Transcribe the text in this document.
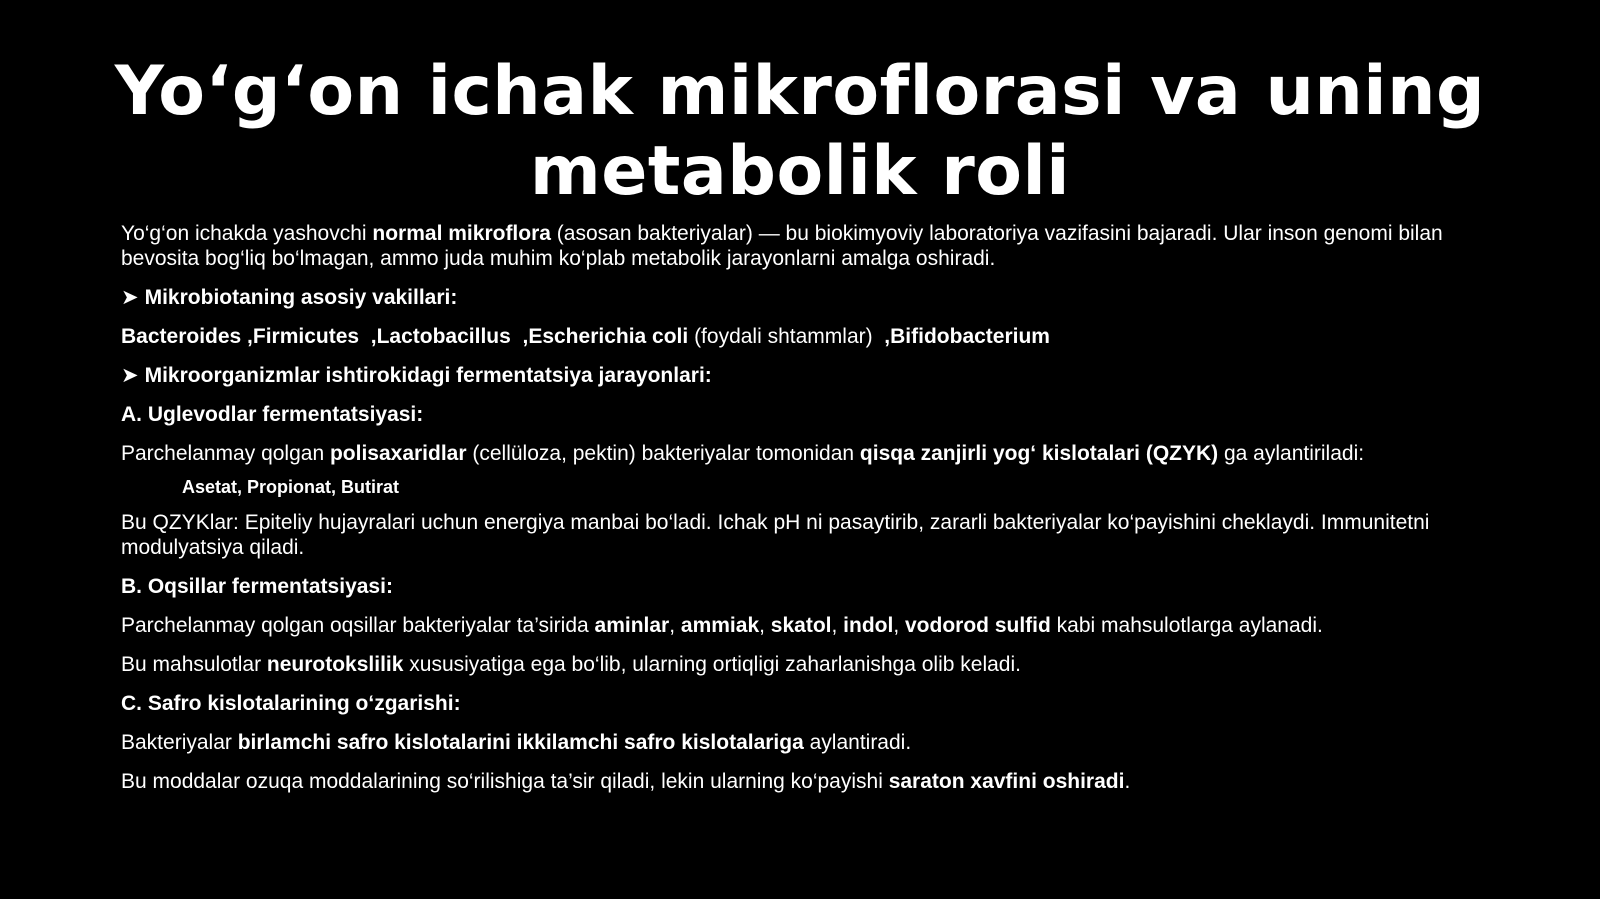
Yo‘g‘on ichak mikroflorasi va uning
metabolik roli

Yo‘g‘on ichakda yashovchi normal mikroflora (asosan bakteriyalar) — bu biokimyoviy laboratoriya vazifasini bajaradi. Ular inson genomi bilan bevosita bog‘liq bo‘lmagan, ammo juda muhim ko‘plab metabolik jarayonlarni amalga oshiradi.

➤ Mikrobiotaning asosiy vakillari:

Bacteroides ,Firmicutes  ,Lactobacillus  ,Escherichia coli (foydali shtammlar)  ,Bifidobacterium

➤ Mikroorganizmlar ishtirokidagi fermentatsiya jarayonlari:

A. Uglevodlar fermentatsiyasi:

Parchelanmay qolgan polisaxaridlar (cellüloza, pektin) bakteriyalar tomonidan qisqa zanjirli yog‘ kislotalari (QZYK) ga aylantiriladi:

Asetat, Propionat, Butirat

Bu QZYKlar: Epiteliy hujayralari uchun energiya manbai bo‘ladi. Ichak pH ni pasaytirib, zararli bakteriyalar ko‘payishini cheklaydi. Immunitetni modulyatsiya qiladi.

B. Oqsillar fermentatsiyasi:

Parchelanmay qolgan oqsillar bakteriyalar ta’sirida aminlar, ammiak, skatol, indol, vodorod sulfid kabi mahsulotlarga aylanadi.

Bu mahsulotlar neurotokslilik xususiyatiga ega bo‘lib, ularning ortiqligi zaharlanishga olib keladi.

C. Safro kislotalarining o‘zgarishi:

Bakteriyalar birlamchi safro kislotalarini ikkilamchi safro kislotalariga aylantiradi.

Bu moddalar ozuqa moddalarining so‘rilishiga ta’sir qiladi, lekin ularning ko‘payishi saraton xavfini oshiradi.
